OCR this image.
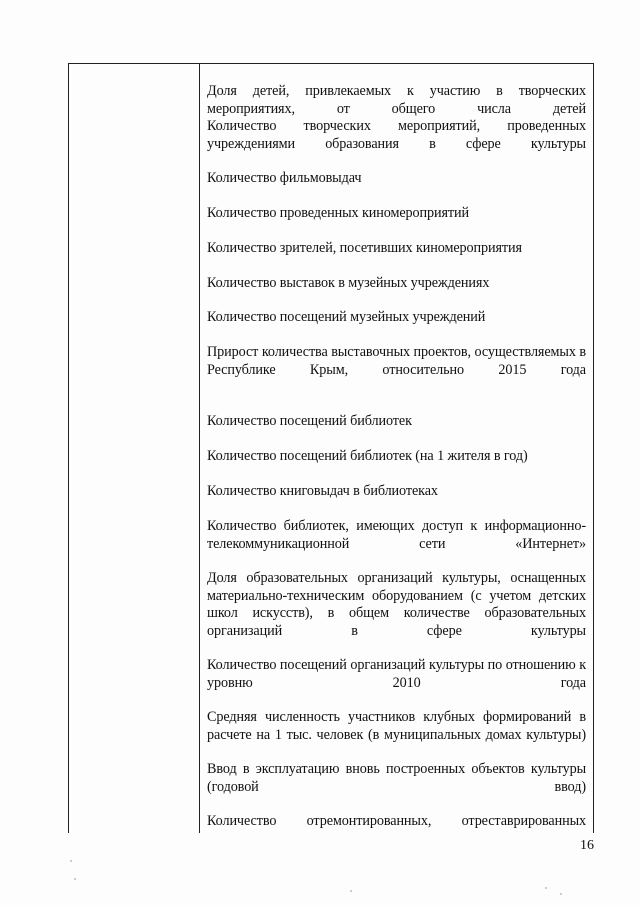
Доля детей, привлекаемых к участию в творческих мероприятиях, от общего числа детей
Количество творческих мероприятий, проведенных учреждениями образования в сфере культуры
Количество фильмовыдач
Количество проведенных киномероприятий
Количество зрителей, посетивших киномероприятия
Количество выставок в музейных учреждениях
Количество посещений музейных учреждений
Прирост количества выставочных проектов, осуществляемых в Республике Крым, относительно 2015 года
Количество посещений библиотек
Количество посещений библиотек (на 1 жителя в год)
Количество книговыдач в библиотеках
Количество библиотек, имеющих доступ к информационно-телекоммуникационной сети «Интернет»
Доля образовательных организаций культуры, оснащенных материально-техническим оборудованием (с учетом детских школ искусств), в общем количестве образовательных организаций в сфере культуры
Количество посещений организаций культуры по отношению к уровню 2010 года
Средняя численность участников клубных формирований в расчете на 1 тыс. человек (в муниципальных домах культуры)
Ввод в эксплуатацию вновь построенных объектов культуры (годовой ввод)
Количество отремонтированных, отреставрированных
16
